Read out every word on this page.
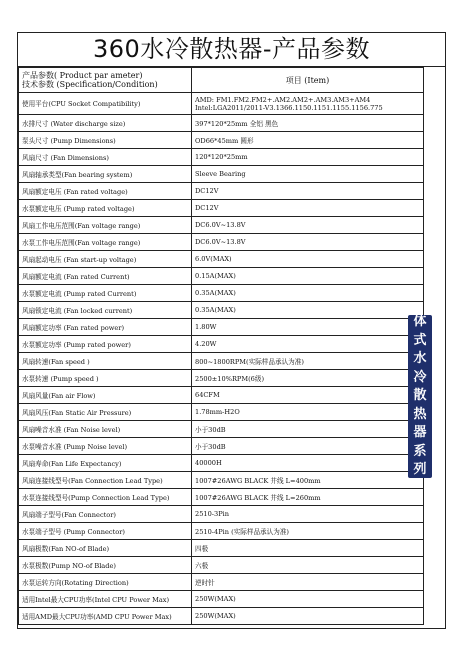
360水冷散热器-产品参数
产品参数( Product par ameter)
技术参数 (Specification/Condition)	项目 (Item)
使用平台(CPU Socket Compatibility)	AMD: FM1.FM2.FM2+.AM2.AM2+.AM3.AM3+AM4
Intel:LGA2011/2011-V3.1366.1150.1151.1155.1156.775

水排尺寸 (Water discharge size)	397*120*25mm 全铝 黑色
泵头尺寸 (Pump Dimensions)	OD66*45mm 圆形
风扇尺寸 (Fan Dimensions)	120*120*25mm
风扇轴承类型(Fan bearing system)	Sleeve Bearing
风扇额定电压 (Fan rated voltage)	DC12V
水泵额定电压 (Pump rated voltage)	DC12V
风扇工作电压范围(Fan voltage range)	DC6.0V~13.8V
水泵工作电压范围(Fan voltage range)	DC6.0V~13.8V
风扇起动电压 (Fan start-up voltage)	6.0V(MAX)
风扇额定电流 (Fan rated Current)	0.15A(MAX)
水泵额定电流 (Pump rated Current)	0.35A(MAX)
风扇锁定电流 (Fan locked current)	0.35A(MAX)
风扇额定功率 (Fan rated power)	1.80W
水泵额定功率 (Pump rated power)	4.20W
风扇转速(Fan speed )	800~1800RPM(实际样品承认为准)
水泵转速 (Pump speed )	2500±10%RPM(6级)
风扇风量(Fan air Flow)	64CFM
风扇风压(Fan Static Air Pressure)	1.78mm-H2O
风扇噪音水准 (Fan Noise level)	小于30dB
水泵噪音水准 (Pump Noise level)	小于30dB
风扇寿命(Fan Life Expectancy)	40000H
风扇连接线型号(Fan Connection Lead Type)	1007#26AWG BLACK 井线 L=400mm
水泵连接线型号(Pump Connection Lead Type)	1007#26AWG BLACK 井线 L=260mm
风扇端子型号(Fan Connector)	2510-3Pin
水泵端子型号 (Pump Connector)	2510-4Pin (实际样品承认为准)
风扇极数(Fan NO-of Blade)	四极
水泵极数(Pump NO-of Blade)	六极
水泵运转方向(Rotating Direction)	逆时针
适用Intel最大CPU功率(Intel CPU Power Max)	250W(MAX)
适用AMD最大CPU功率(AMD CPU Power Max)	250W(MAX)
体
式
水
冷
散
热
器
系
列
